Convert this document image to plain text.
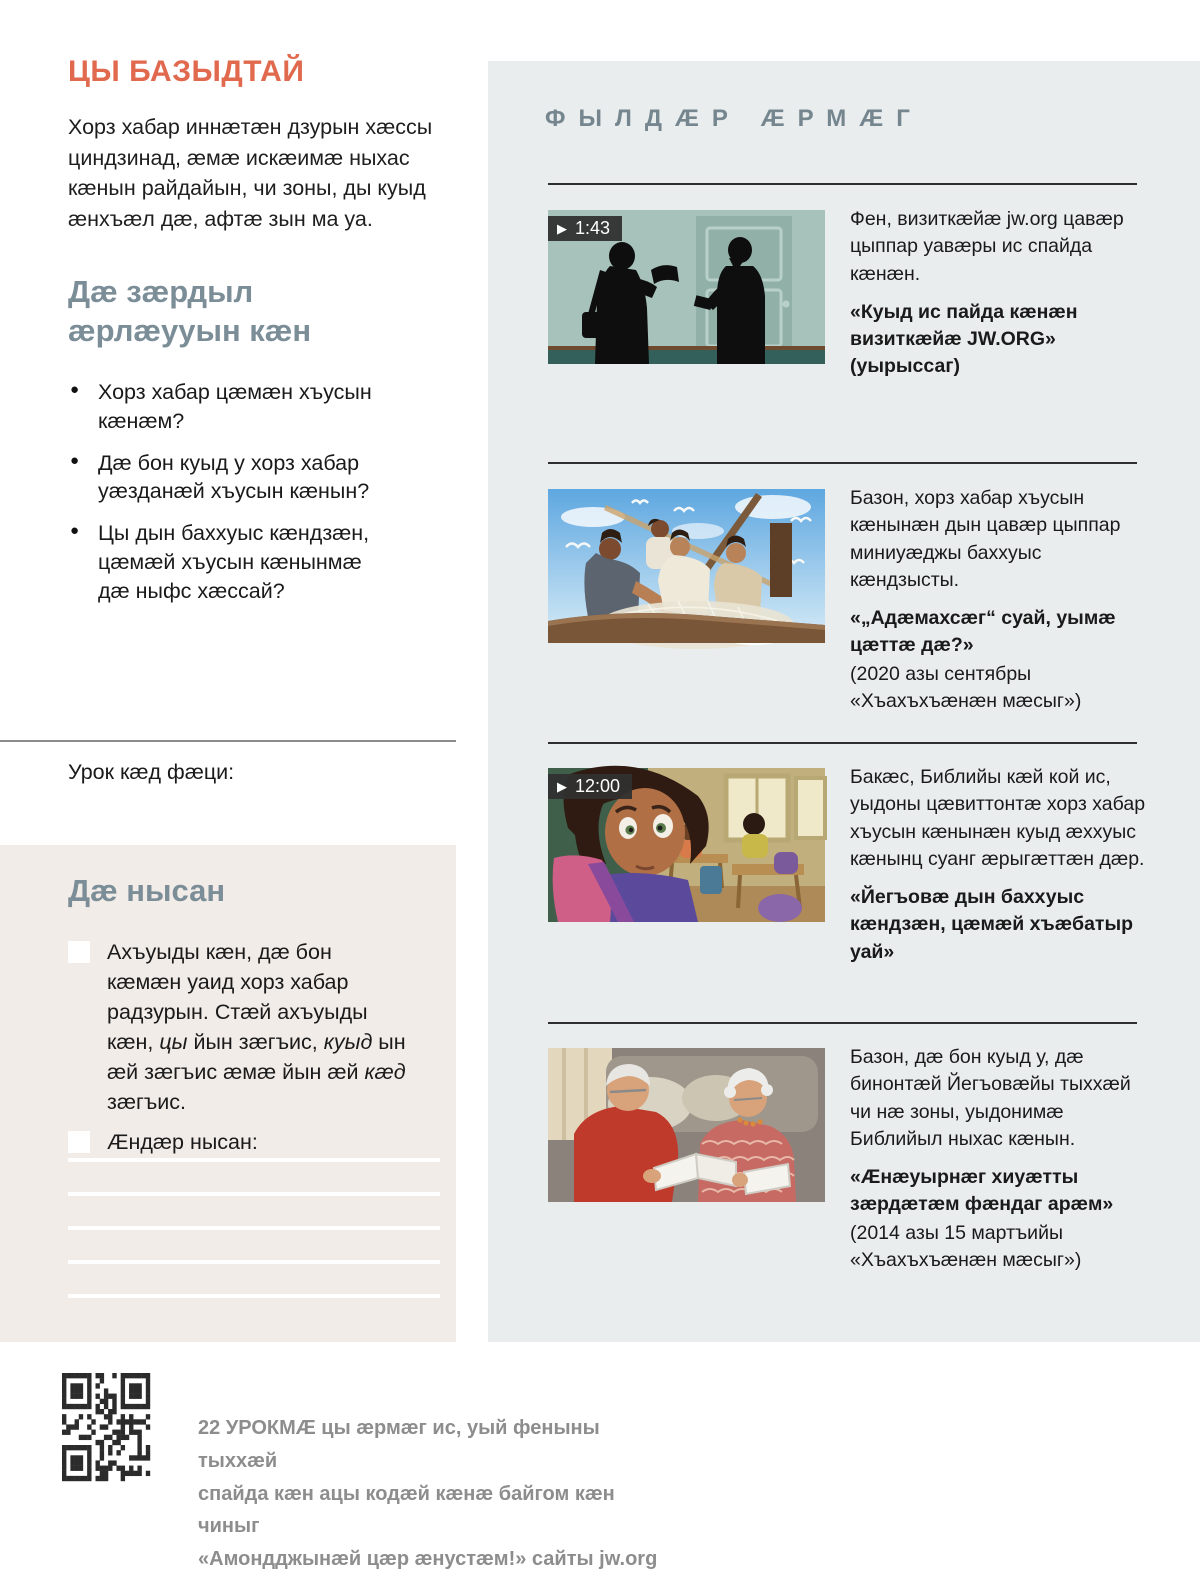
ЦЫ БАЗЫДТАЙ
Хорз хабар иннæтæн дзурын хæссы циндзинад, æмæ искæимæ ныхас кæнын райдайын, чи зоны, ды куыд æнхъæл дæ, афтæ зын ма уа.
Дæ зæрдыл æрлæууын кæн
● Хорз хабар цæмæн хъусын кæнæм?
● Дæ бон куыд у хорз хабар уæзданæй хъусын кæнын?
● Цы дын баххуыс кæндзæн, цæмæй хъусын кæнынмæ дæ ныфс хæссай?
Урок кæд фæци:
Дæ нысан
Ахъуыды кæн, дæ бон кæмæн уаид хорз хабар радзурын. Стæй ахъуыды кæн, цы йын зæгъис, куыд ын æй зæгъис æмæ йын æй кæд зæгъис.
Æндæр нысан:
ФЫЛДÆР ÆРМÆГ
▶ 1:43	Фен, визиткæйæ jw.org цавæр цыппар уавæры ис спайда кæнæн.

«Куыд ис пайда кæнæн визиткæйæ JW.ORG» (уырыссаг)

Базон, хорз хабар хъусын кæнынæн дын цавæр цыппар миниуæджы баххуыс кæндзысты.

«„Адæмахсæг“ суай, уымæ цæттæ дæ?»

(2020 азы сентябры «Хъахъхъæнæн мæсыг»)

▶ 12:00	Бакæс, Библийы кæй кой ис, уыдоны цæвиттонтæ хорз хабар хъусын кæнынæн куыд æххуыс кæнынц суанг æрыгæттæн дæр.

«Йегъовæ дын баххуыс кæндзæн, цæмæй хъæбатыр уай»

Базон, дæ бон куыд у, дæ бинонтæй Йегъовæйы тыххæй чи нæ зоны, уыдонимæ Библийыл ныхас кæнын.

«Æнæуырнæг хиуæтты зæрдæтæм фæндаг арæм»

(2014 азы 15 мартъийы «Хъахъхъæнæн мæсыг»)

22 УРОКМÆ цы æрмæг ис, уый феныны тыххæй
спайда кæн ацы кодæй кæнæ байгом кæн чиныг
«Амондджынæй цæр æнустæм!» сайты jw.org
